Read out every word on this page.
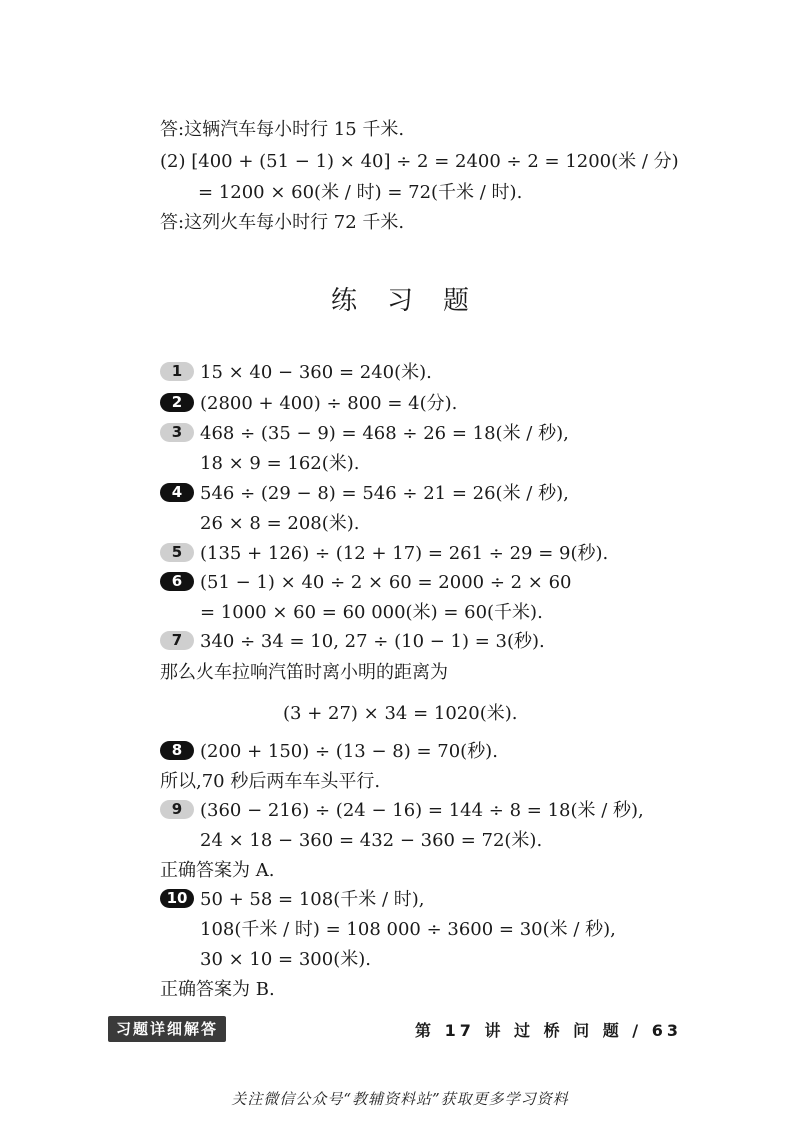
答:这辆汽车每小时行 15 千米.
(2) [400 + (51 − 1) × 40] ÷ 2 = 2400 ÷ 2 = 1200(米 / 分)
= 1200 × 60(米 / 时) = 72(千米 / 时).
答:这列火车每小时行 72 千米.
练习题
1 15 × 40 − 360 = 240(米).
2 (2800 + 400) ÷ 800 = 4(分).
3 468 ÷ (35 − 9) = 468 ÷ 26 = 18(米 / 秒),
18 × 9 = 162(米).
4 546 ÷ (29 − 8) = 546 ÷ 21 = 26(米 / 秒),
26 × 8 = 208(米).
5 (135 + 126) ÷ (12 + 17) = 261 ÷ 29 = 9(秒).
6 (51 − 1) × 40 ÷ 2 × 60 = 2000 ÷ 2 × 60
= 1000 × 60 = 60 000(米) = 60(千米).
7 340 ÷ 34 = 10, 27 ÷ (10 − 1) = 3(秒).
那么火车拉响汽笛时离小明的距离为
(3 + 27) × 34 = 1020(米).
8 (200 + 150) ÷ (13 − 8) = 70(秒).
所以,70 秒后两车车头平行.
9 (360 − 216) ÷ (24 − 16) = 144 ÷ 8 = 18(米 / 秒),
24 × 18 − 360 = 432 − 360 = 72(米).
正确答案为 A.
10 50 + 58 = 108(千米 / 时),
108(千米 / 时) = 108 000 ÷ 3600 = 30(米 / 秒),
30 × 10 = 300(米).
正确答案为 B.
习题详细解答	第 17 讲 过 桥 问 题 / 63
关注微信公众号“教辅资料站”获取更多学习资料
